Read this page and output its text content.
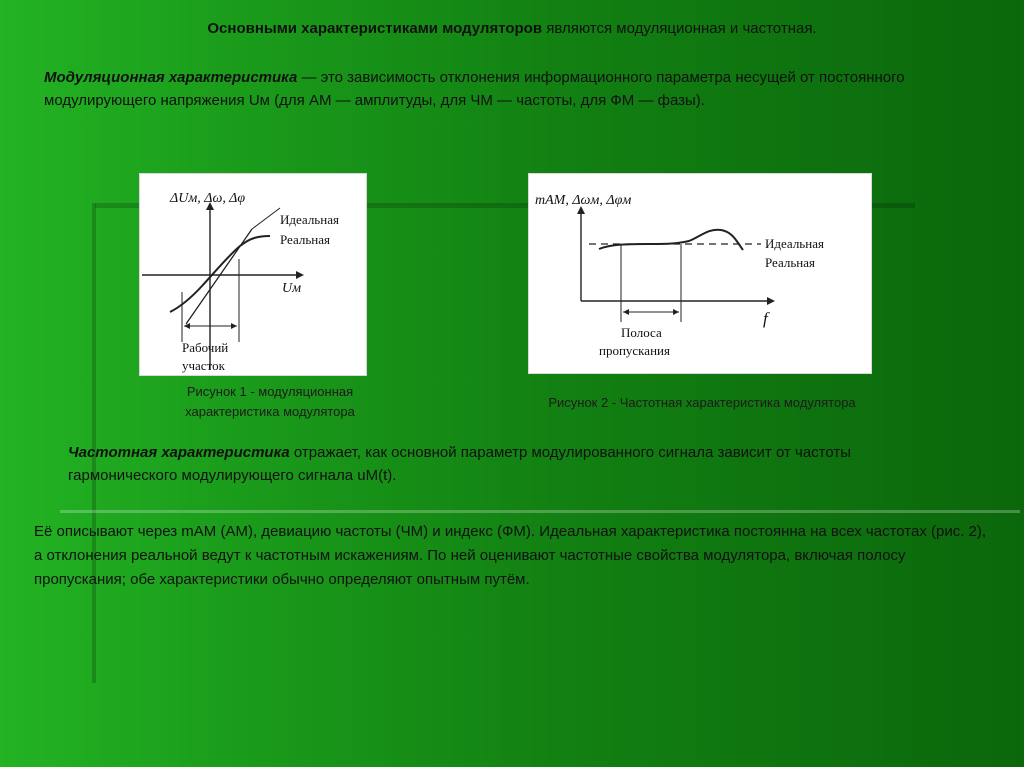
Основными характеристиками модуляторов являются модуляционная и частотная.
Модуляционная характеристика — это зависимость отклонения информационного параметра несущей от постоянного модулирующего напряжения Uм (для АМ — амплитуды, для ЧМ — частоты, для ФМ — фазы).
ΔUм, Δω, Δφ
Идеальная
Реальная
Uм
Рабочий
участок
Рисунок 1 - модуляционная
характеристика модулятора
mАМ, Δωм, Δφм
Идеальная
Реальная
f
Полоса
пропускания
Рисунок 2 - Частотная характеристика модулятора
Частотная характеристика отражает, как основной параметр модулированного сигнала зависит от частоты гармонического модулирующего сигнала uМ(t).
Её описывают через mАМ (АМ), девиацию частоты (ЧМ) и индекс (ФМ). Идеальная характеристика постоянна на всех частотах (рис. 2), а отклонения реальной ведут к частотным искажениям. По ней оценивают частотные свойства модулятора, включая полосу пропускания; обе характеристики обычно определяют опытным путём.
